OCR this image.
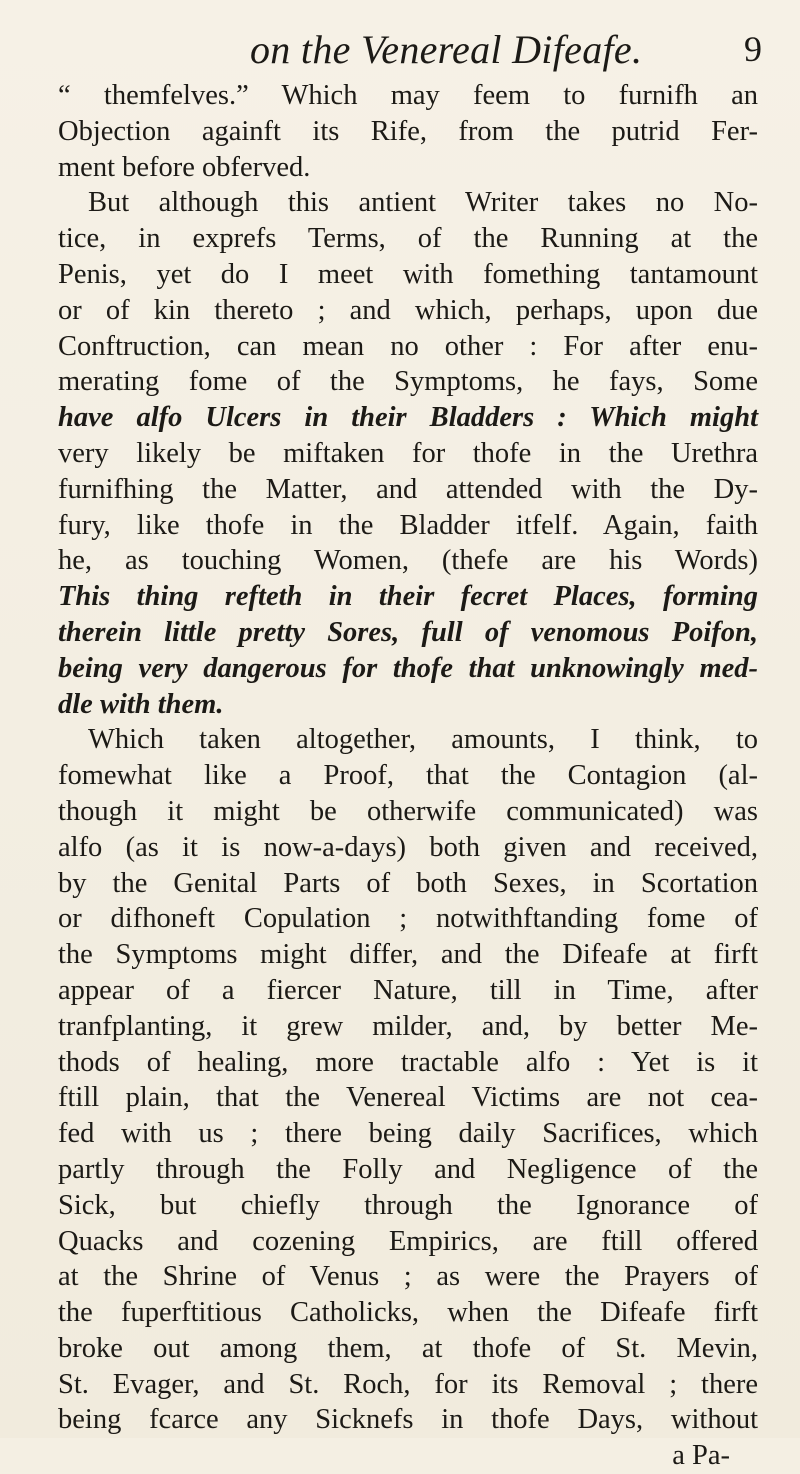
on the Venereal Difeafe.	9
“ themfelves.” Which may feem to furnifh an
Objection againft its Rife, from the putrid Fer-
ment before obferved.
But although this antient Writer takes no No-
tice, in exprefs Terms, of the Running at the
Penis, yet do I meet with fomething tantamount
or of kin thereto ; and which, perhaps, upon due
Conftruction, can mean no other : For after enu-
merating fome of the Symptoms, he fays, Some
have alfo Ulcers in their Bladders : Which might
very likely be miftaken for thofe in the Urethra
furnifhing the Matter, and attended with the Dy-
fury, like thofe in the Bladder itfelf. Again, faith
he, as touching Women, (thefe are his Words)
This thing refteth in their fecret Places, forming
therein little pretty Sores, full of venomous Poifon,
being very dangerous for thofe that unknowingly med-
dle with them.
Which taken altogether, amounts, I think, to
fomewhat like a Proof, that the Contagion (al-
though it might be otherwife communicated) was
alfo (as it is now-a-days) both given and received,
by the Genital Parts of both Sexes, in Scortation
or difhoneft Copulation ; notwithftanding fome of
the Symptoms might differ, and the Difeafe at firft
appear of a fiercer Nature, till in Time, after
tranfplanting, it grew milder, and, by better Me-
thods of healing, more tractable alfo : Yet is it
ftill plain, that the Venereal Victims are not cea-
fed with us ; there being daily Sacrifices, which
partly through the Folly and Negligence of the
Sick, but chiefly through the Ignorance of
Quacks and cozening Empirics, are ftill offered
at the Shrine of Venus ; as were the Prayers of
the fuperftitious Catholicks, when the Difeafe firft
broke out among them, at thofe of St. Mevin,
St. Evager, and St. Roch, for its Removal ; there
being fcarce any Sicknefs in thofe Days, without
a Pa-
